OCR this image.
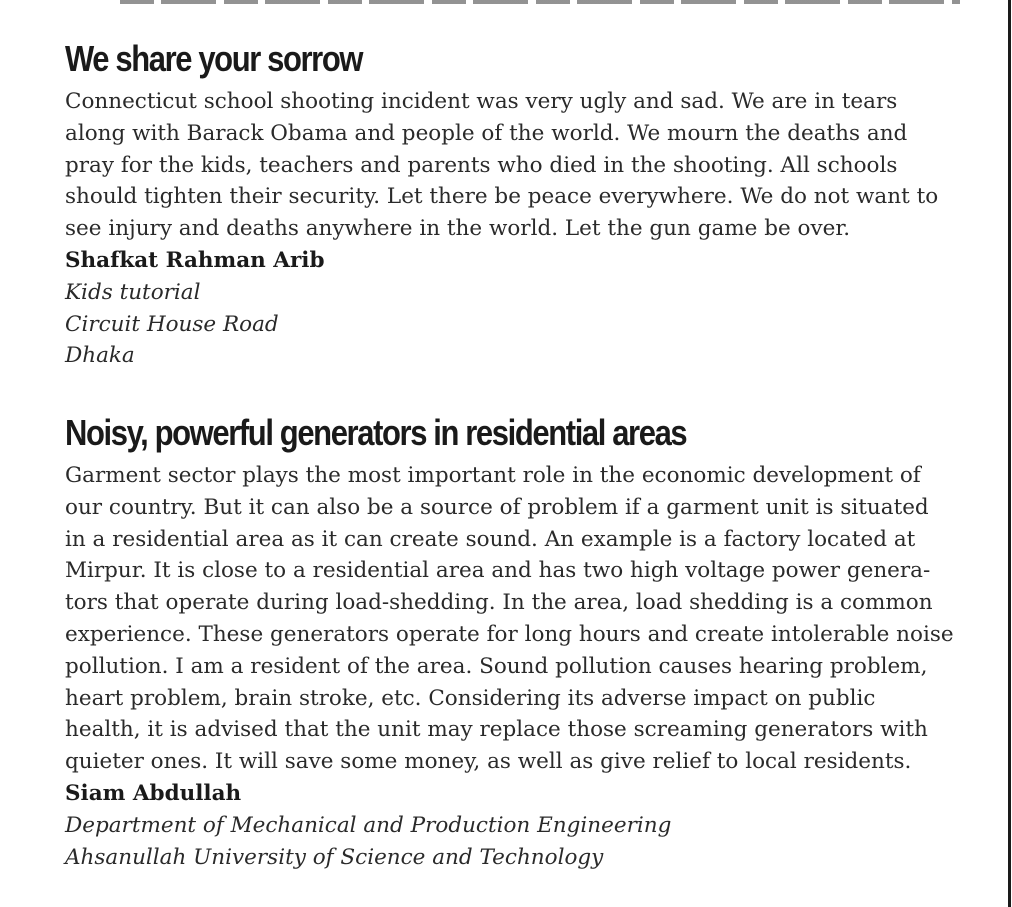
We share your sorrow

Connecticut school shooting incident was very ugly and sad. We are in tears
along with Barack Obama and people of the world. We mourn the deaths and
pray for the kids, teachers and parents who died in the shooting. All schools
should tighten their security. Let there be peace everywhere. We do not want to
see injury and deaths anywhere in the world. Let the gun game be over.

Shafkat Rahman Arib

Kids tutorial

Circuit House Road

Dhaka

Noisy, powerful generators in residential areas

Garment sector plays the most important role in the economic development of
our country. But it can also be a source of problem if a garment unit is situated
in a residential area as it can create sound. An example is a factory located at
Mirpur. It is close to a residential area and has two high voltage power genera-
tors that operate during load-shedding. In the area, load shedding is a common
experience. These generators operate for long hours and create intolerable noise
pollution. I am a resident of the area. Sound pollution causes hearing problem,
heart problem, brain stroke, etc. Considering its adverse impact on public
health, it is advised that the unit may replace those screaming generators with
quieter ones. It will save some money, as well as give relief to local residents.

Siam Abdullah

Department of Mechanical and Production Engineering

Ahsanullah University of Science and Technology
